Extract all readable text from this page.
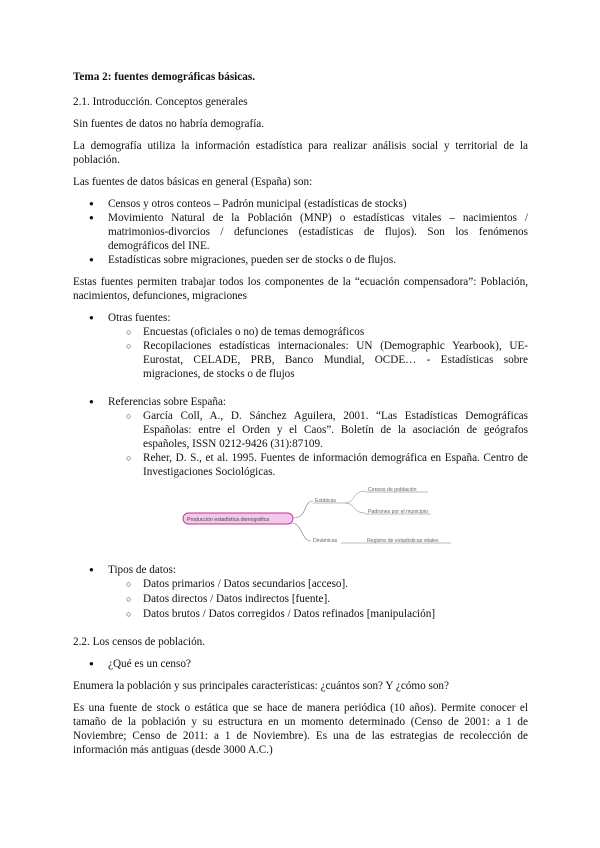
Tema 2: fuentes demográficas básicas.

2.1. Introducción. Conceptos generales

Sin fuentes de datos no habría demografía.

La demografía utiliza la información estadística para realizar análisis social y territorial de la población.

Las fuentes de datos básicas en general (España) son:

● Censos y otros conteos – Padrón municipal (estadísticas de stocks)
● Movimiento Natural de la Población (MNP) o estadísticas vitales – nacimientos / matrimonios-divorcios / defunciones (estadísticas de flujos). Son los fenómenos demográficos del INE.
● Estadísticas sobre migraciones, pueden ser de stocks o de flujos.

Estas fuentes permiten trabajar todos los componentes de la “ecuación compensadora”: Población, nacimientos, defunciones, migraciones

● Otras fuentes:
○ Encuestas (oficiales o no) de temas demográficos
○ Recopilaciones estadísticas internacionales: UN (Demographic Yearbook), UE-Eurostat, CELADE, PRB, Banco Mundial, OCDE… - Estadísticas sobre migraciones, de stocks o de flujos
● Referencias sobre España:
○ García Coll, A., D. Sánchez Aguilera, 2001. “Las Estadísticas Demográficas Españolas: entre el Orden y el Caos”. Boletín de la asociación de geógrafos españoles, ISSN 0212-9426 (31):87109.
○ Reher, D. S., et al. 1995. Fuentes de información demográfica en España. Centro de Investigaciones Sociológicas.
Producción estadística demográfica
Estáticas
Censos de población
Padrones por el municipio
Dinámicas	Registro de estadísticas vitales
● Tipos de datos:
○ Datos primarios / Datos secundarios [acceso].
○ Datos directos / Datos indirectos [fuente].
○ Datos brutos / Datos corregidos / Datos refinados [manipulación]

2.2. Los censos de población.

● ¿Qué es un censo?

Enumera la población y sus principales características: ¿cuántos son? Y ¿cómo son?

Es una fuente de stock o estática que se hace de manera periódica (10 años). Permite conocer el tamaño de la población y su estructura en un momento determinado (Censo de 2001: a 1 de Noviembre; Censo de 2011: a 1 de Noviembre). Es una de las estrategias de recolección de información más antiguas (desde 3000 A.C.)
